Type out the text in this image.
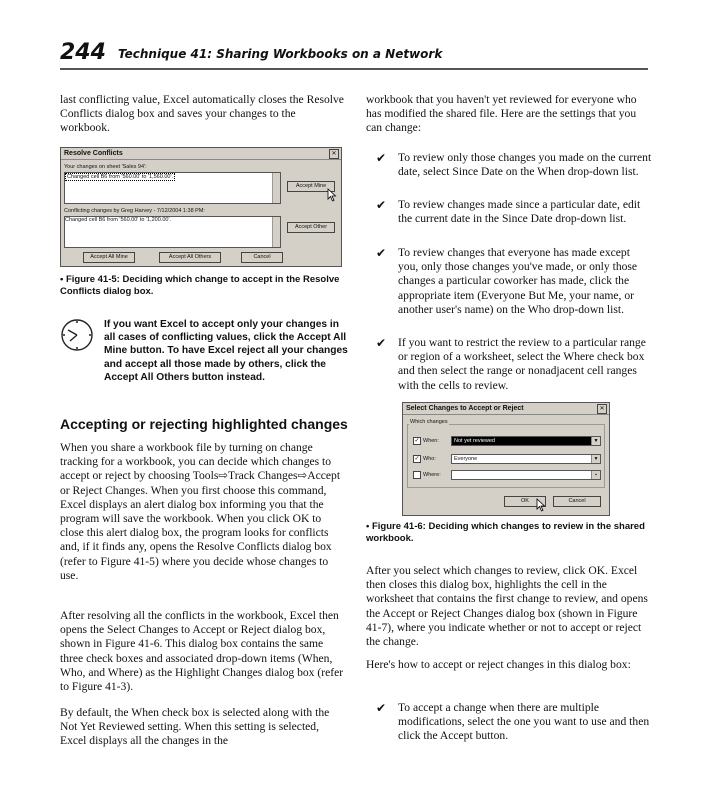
244 Technique 41: Sharing Workbooks on a Network

last conflicting value, Excel automatically closes the Resolve Conflicts dialog box and saves your changes to the workbook.

Resolve Conflicts	✕
Your changes on sheet 'Sales 94':
Changed cell B6 from '560.00' to '1,560.00'.
Accept Mine
Conflicting changes by Greg Harvey - 7/12/2004 1:38 PM:
Changed cell B6 from '560.00' to '1,200.00'.
Accept Other
Accept All Mine	Accept All Others	Cancel
• Figure 41-5: Deciding which change to accept in the Resolve Conflicts dialog box.

If you want Excel to accept only your changes in all cases of conflicting values, click the Accept All Mine button. To have Excel reject all your changes and accept all those made by others, click the Accept All Others button instead.

Accepting or rejecting highlighted changes

When you share a workbook file by turning on change tracking for a workbook, you can decide which changes to accept or reject by choosing Tools⇨Track Changes⇨Accept or Reject Changes. When you first choose this command, Excel displays an alert dialog box informing you that the program will save the workbook. When you click OK to close this alert dialog box, the program looks for conflicts and, if it finds any, opens the Resolve Conflicts dialog box (refer to Figure 41-5) where you decide whose changes to use.

After resolving all the conflicts in the workbook, Excel then opens the Select Changes to Accept or Reject dialog box, shown in Figure 41-6. This dialog box contains the same three check boxes and associated drop-down items (When, Who, and Where) as the Highlight Changes dialog box (refer to Figure 41-3).

By default, the When check box is selected along with the Not Yet Reviewed setting. When this setting is selected, Excel displays all the changes in the

workbook that you haven't yet reviewed for everyone who has modified the shared file. Here are the settings that you can change:

✔ To review only those changes you made on the current date, select Since Date on the When drop-down list.
✔ To review changes made since a particular date, edit the current date in the Since Date drop-down list.
✔ To review changes that everyone has made except you, only those changes you've made, or only those changes a particular coworker has made, click the appropriate item (Everyone But Me, your name, or another user's name) on the Who drop-down list.
✔ If you want to restrict the review to a particular range or region of a worksheet, select the Where check box and then select the range or nonadjacent cell ranges with the cells to review.
Select Changes to Accept or Reject	✕
Which changes
✓ When:	Not yet reviewed	▼
✓ Who:	Everyone	▼
Where:	▪
OK	Cancel
• Figure 41-6: Deciding which changes to review in the shared workbook.

After you select which changes to review, click OK. Excel then closes this dialog box, highlights the cell in the worksheet that contains the first change to review, and opens the Accept or Reject Changes dialog box (shown in Figure 41-7), where you indicate whether or not to accept or reject the change.

Here's how to accept or reject changes in this dialog box:

✔ To accept a change when there are multiple modifications, select the one you want to use and then click the Accept button.
